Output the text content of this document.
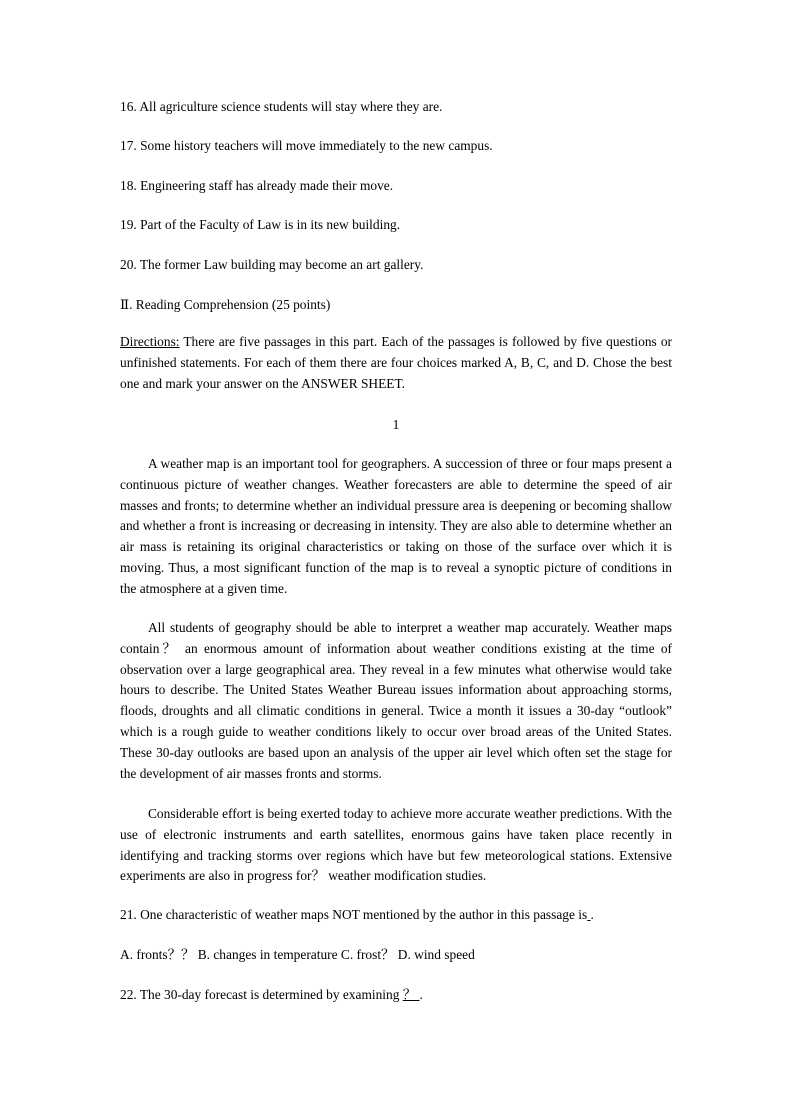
16. All agriculture science students will stay where they are.
17. Some history teachers will move immediately to the new campus.
18. Engineering staff has already made their move.
19. Part of the Faculty of Law is in its new building.
20. The former Law building may become an art gallery.
Ⅱ. Reading Comprehension (25 points)
Directions: There are five passages in this part. Each of the passages is followed by five questions or unfinished statements. For each of them there are four choices marked A, B, C, and D. Chose the best one and mark your answer on the ANSWER SHEET.
1
A weather map is an important tool for geographers. A succession of three or four maps present a continuous picture of weather changes. Weather forecasters are able to determine the speed of air masses and fronts; to determine whether an individual pressure area is deepening or becoming shallow and whether a front is increasing or decreasing in intensity. They are also able to determine whether an air mass is retaining its original characteristics or taking on those of the surface over which it is moving. Thus, a most significant function of the map is to reveal a synoptic picture of conditions in the atmosphere at a given time.
All students of geography should be able to interpret a weather map accurately. Weather maps contain？ an enormous amount of information about weather conditions existing at the time of observation over a large geographical area. They reveal in a few minutes what otherwise would take hours to describe. The United States Weather Bureau issues information about approaching storms, floods, droughts and all climatic conditions in general. Twice a month it issues a 30-day “outlook” which is a rough guide to weather conditions likely to occur over broad areas of the United States. These 30-day outlooks are based upon an analysis of the upper air level which often set the stage for the development of air masses fronts and storms.
Considerable effort is being exerted today to achieve more accurate weather predictions. With the use of electronic instruments and earth satellites, enormous gains have taken place recently in identifying and tracking storms over regions which have but few meteorological stations. Extensive experiments are also in progress for？ weather modification studies.
21. One characteristic of weather maps NOT mentioned by the author in this passage is .
A. fronts？？ B. changes in temperature C. frost？ D. wind speed
22. The 30-day forecast is determined by examining ？ .
